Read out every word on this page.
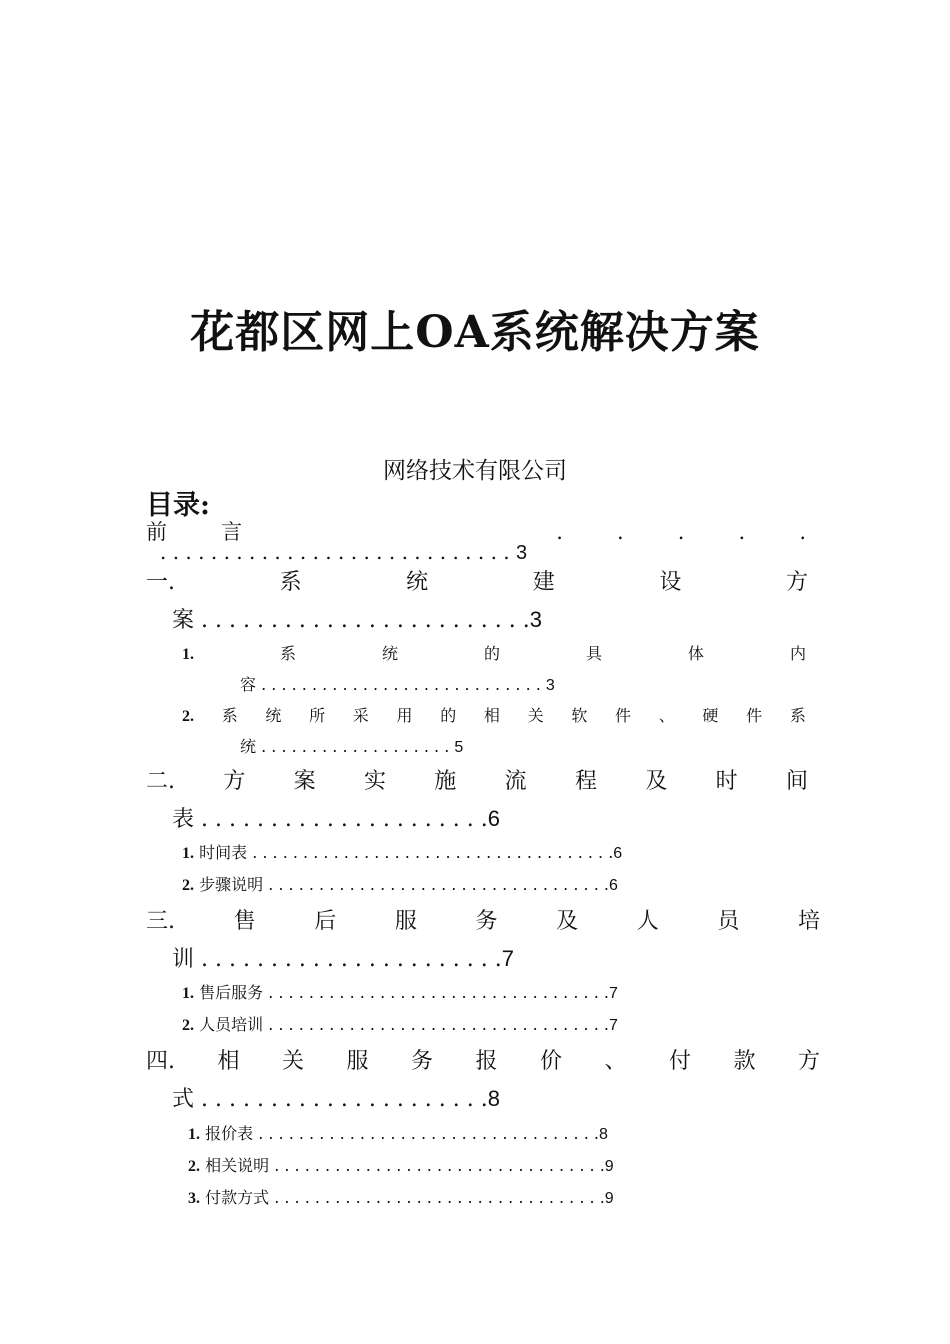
花都区网上OA系统解决方案
网络技术有限公司
目录:
前	言	.	.	.	.	.
. . . . . . . . . . . . . . . . . . . . . . . . . . . . 3
一.	系	统	建	设	方
案 . . . . . . . . . . . . . . . . . . . . . . . .3
1.	系	统	的	具	体	内
容 . . . . . . . . . . . . . . . . . . . . . . . . . . . . 3
2. 系 统 所 采 用 的 相 关 软 件 、 硬 件 系
统 . . . . . . . . . . . . . . . . . . . 5
二. 方 案 实 施 流 程 及 时 间
表 . . . . . . . . . . . . . . . . . . . . .6
1. 时间表 . . . . . . . . . . . . . . . . . . . . . . . . . . . . . . . . . . . .6
2. 步骤说明 . . . . . . . . . . . . . . . . . . . . . . . . . . . . . . . . . .6
三.	售	后	服	务	及	人	员	培
训 . . . . . . . . . . . . . . . . . . . . . .7
1. 售后服务 . . . . . . . . . . . . . . . . . . . . . . . . . . . . . . . . . .7
2. 人员培训 . . . . . . . . . . . . . . . . . . . . . . . . . . . . . . . . . .7
四. 相 关 服 务 报 价 、 付 款 方
式 . . . . . . . . . . . . . . . . . . . . .8
1. 报价表 . . . . . . . . . . . . . . . . . . . . . . . . . . . . . . . . . .8
2. 相关说明 . . . . . . . . . . . . . . . . . . . . . . . . . . . . . . . . .9
3. 付款方式 . . . . . . . . . . . . . . . . . . . . . . . . . . . . . . . . .9
